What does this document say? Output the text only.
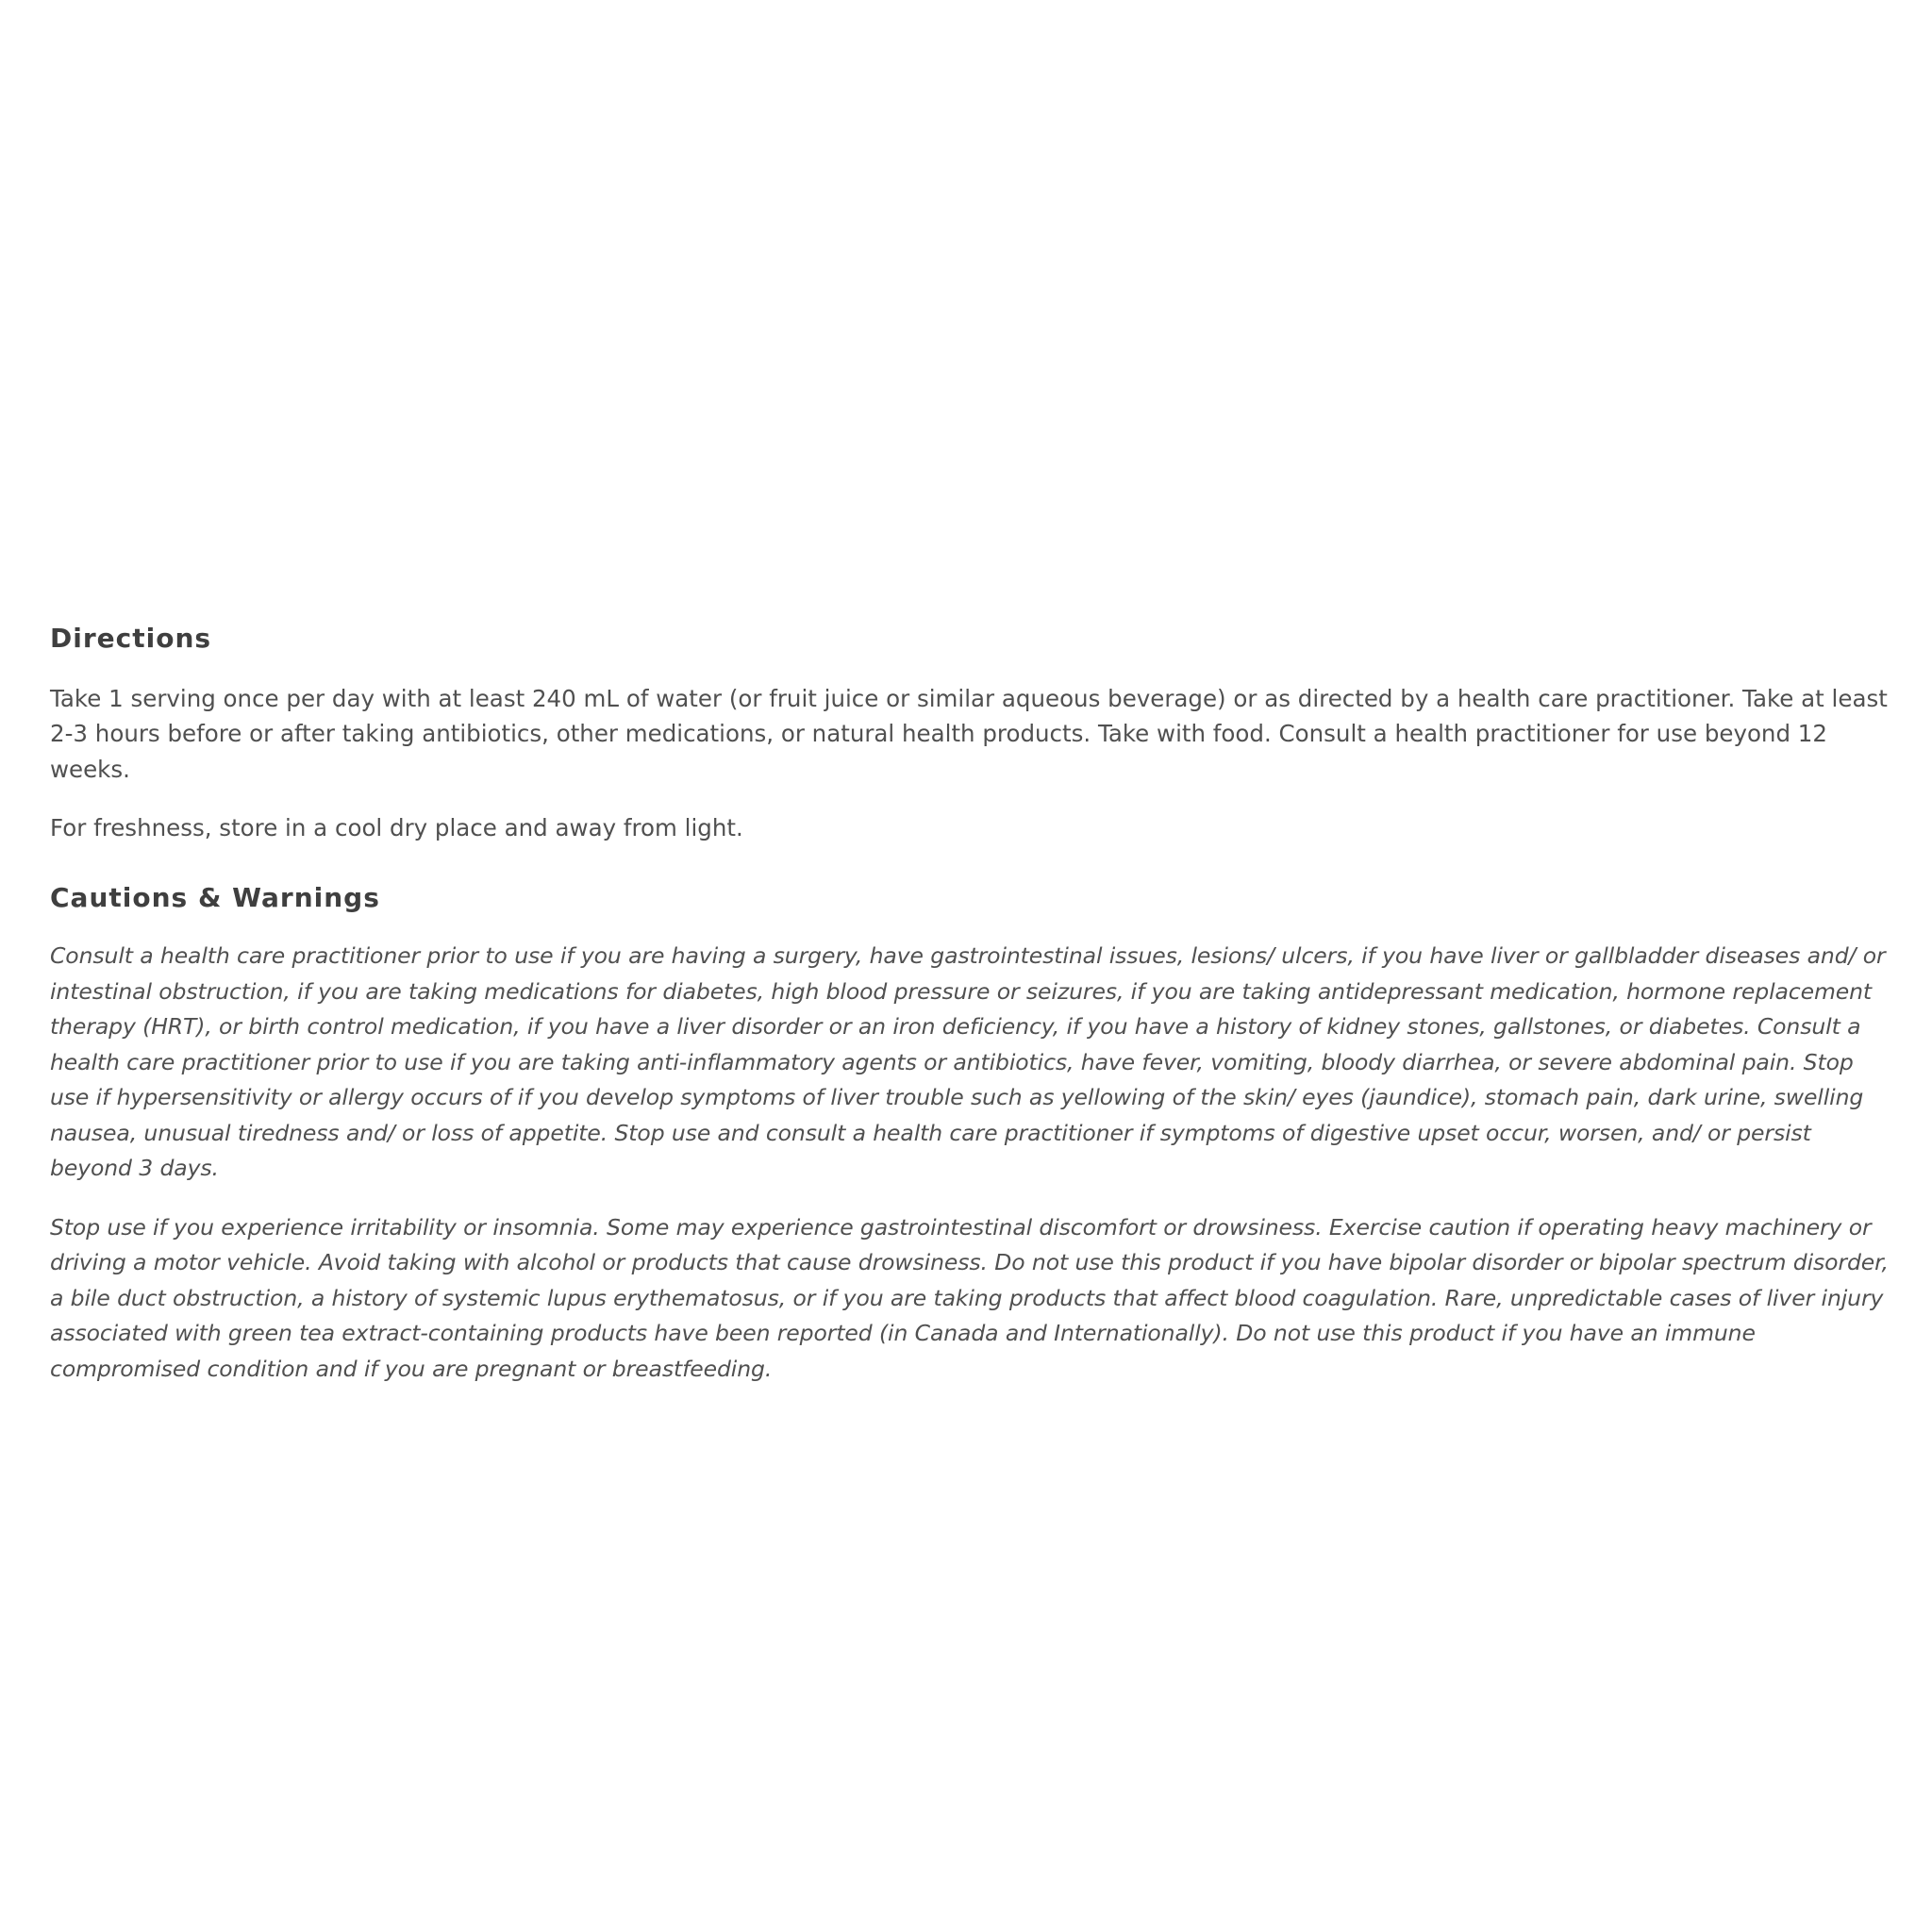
Directions

Take 1 serving once per day with at least 240 mL of water (or fruit juice or similar aqueous beverage) or as directed by a health care practitioner. Take at least 2-3 hours before or after taking antibiotics, other medications, or natural health products. Take with food. Consult a health practitioner for use beyond 12 weeks.

For freshness, store in a cool dry place and away from light.

Cautions & Warnings

Consult a health care practitioner prior to use if you are having a surgery, have gastrointestinal issues, lesions/ ulcers, if you have liver or gallbladder diseases and/ or intestinal obstruction, if you are taking medications for diabetes, high blood pressure or seizures, if you are taking antidepressant medication, hormone replacement therapy (HRT), or birth control medication, if you have a liver disorder or an iron deficiency, if you have a history of kidney stones, gallstones, or diabetes. Consult a health care practitioner prior to use if you are taking anti-inflammatory agents or antibiotics, have fever, vomiting, bloody diarrhea, or severe abdominal pain. Stop use if hypersensitivity or allergy occurs of if you develop symptoms of liver trouble such as yellowing of the skin/ eyes (jaundice), stomach pain, dark urine, swelling nausea, unusual tiredness and/ or loss of appetite. Stop use and consult a health care practitioner if symptoms of digestive upset occur, worsen, and/ or persist beyond 3 days.

Stop use if you experience irritability or insomnia. Some may experience gastrointestinal discomfort or drowsiness. Exercise caution if operating heavy machinery or driving a motor vehicle. Avoid taking with alcohol or products that cause drowsiness. Do not use this product if you have bipolar disorder or bipolar spectrum disorder, a bile duct obstruction, a history of systemic lupus erythematosus, or if you are taking products that affect blood coagulation. Rare, unpredictable cases of liver injury associated with green tea extract-containing products have been reported (in Canada and Internationally). Do not use this product if you have an immune compromised condition and if you are pregnant or breastfeeding.
